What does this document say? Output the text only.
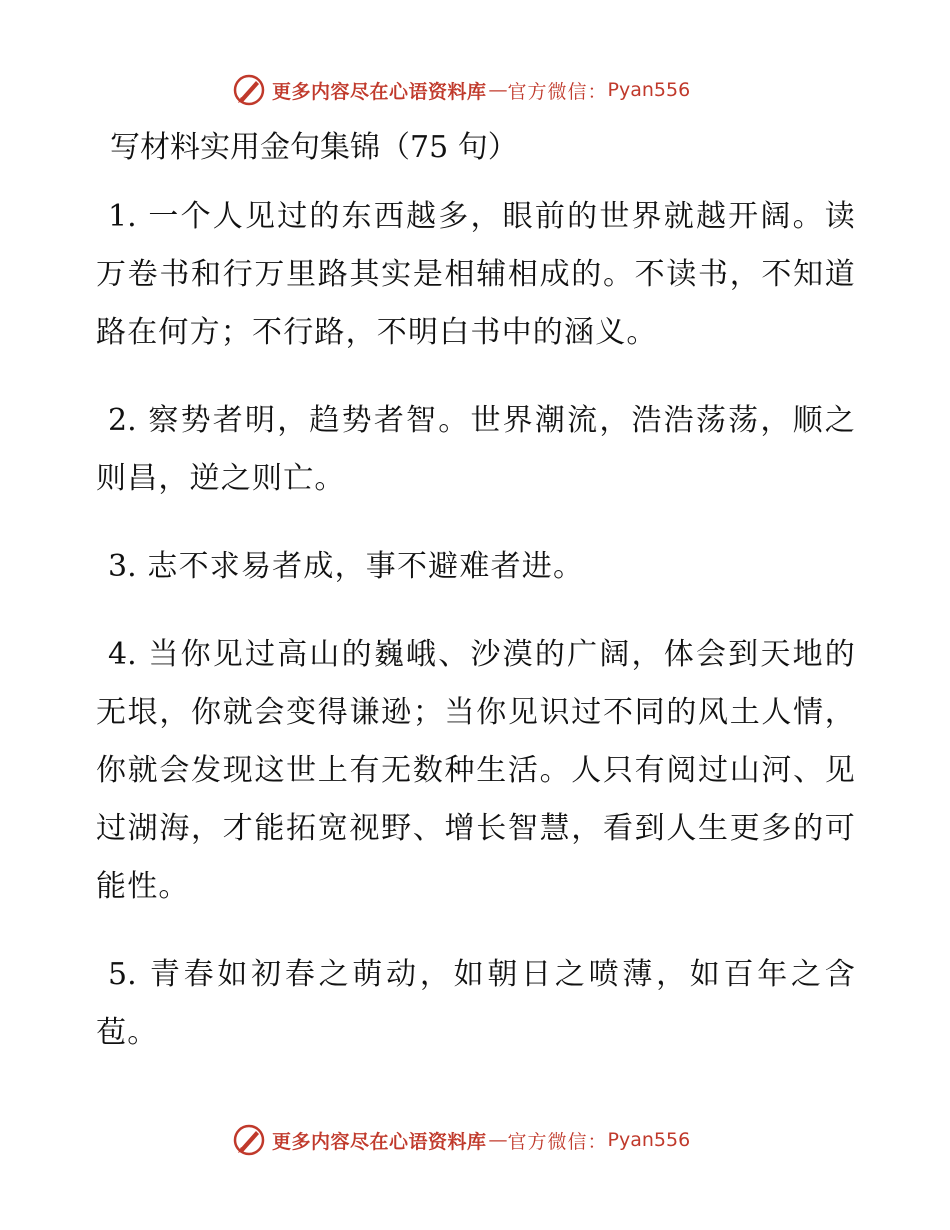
更多内容尽在心语资料库 — 官方微信： Pyan556
写材料实用金句集锦（75 句）

1. 一个人见过的东西越多，眼前的世界就越开阔。读万卷书和行万里路其实是相辅相成的。不读书，不知道路在何方；不行路，不明白书中的涵义。

2. 察势者明，趋势者智。世界潮流，浩浩荡荡，顺之则昌，逆之则亡。

3. 志不求易者成，事不避难者进。

4. 当你见过高山的巍峨、沙漠的广阔，体会到天地的无垠，你就会变得谦逊；当你见识过不同的风土人情，你就会发现这世上有无数种生活。人只有阅过山河、见过湖海，才能拓宽视野、增长智慧，看到人生更多的可能性。

5. 青春如初春之萌动，如朝日之喷薄，如百年之含苞。

更多内容尽在心语资料库 — 官方微信： Pyan556
